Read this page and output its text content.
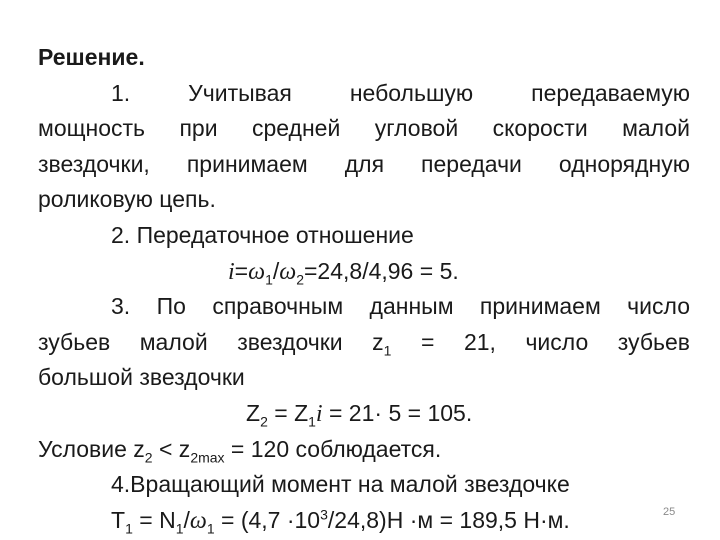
Решение.
1.	Учитывая	небольшую	передаваемую
мощность при средней угловой скорости малой
звездочки, принимаем для передачи однорядную
роликовую цепь.
2. Передаточное отношение
$i=\omega_1/\omega_2=24,8/4,96 = 5$.
3. По справочным данным принимаем число
зубьев малой звездочки $z_1 = 21$, число зубьев
большой звездочки
$Z_2 = Z_1i = 21\cdot 5 = 105$.
Условие $z_2 < z_{2max} = 120$ соблюдается.
4.Вращающий момент на малой звездочке
$T_1 = N_1/\omega_1 = (4,7 \cdot 10^3/24,8)Н \cdot м = 189,5$ Н·м.	25
